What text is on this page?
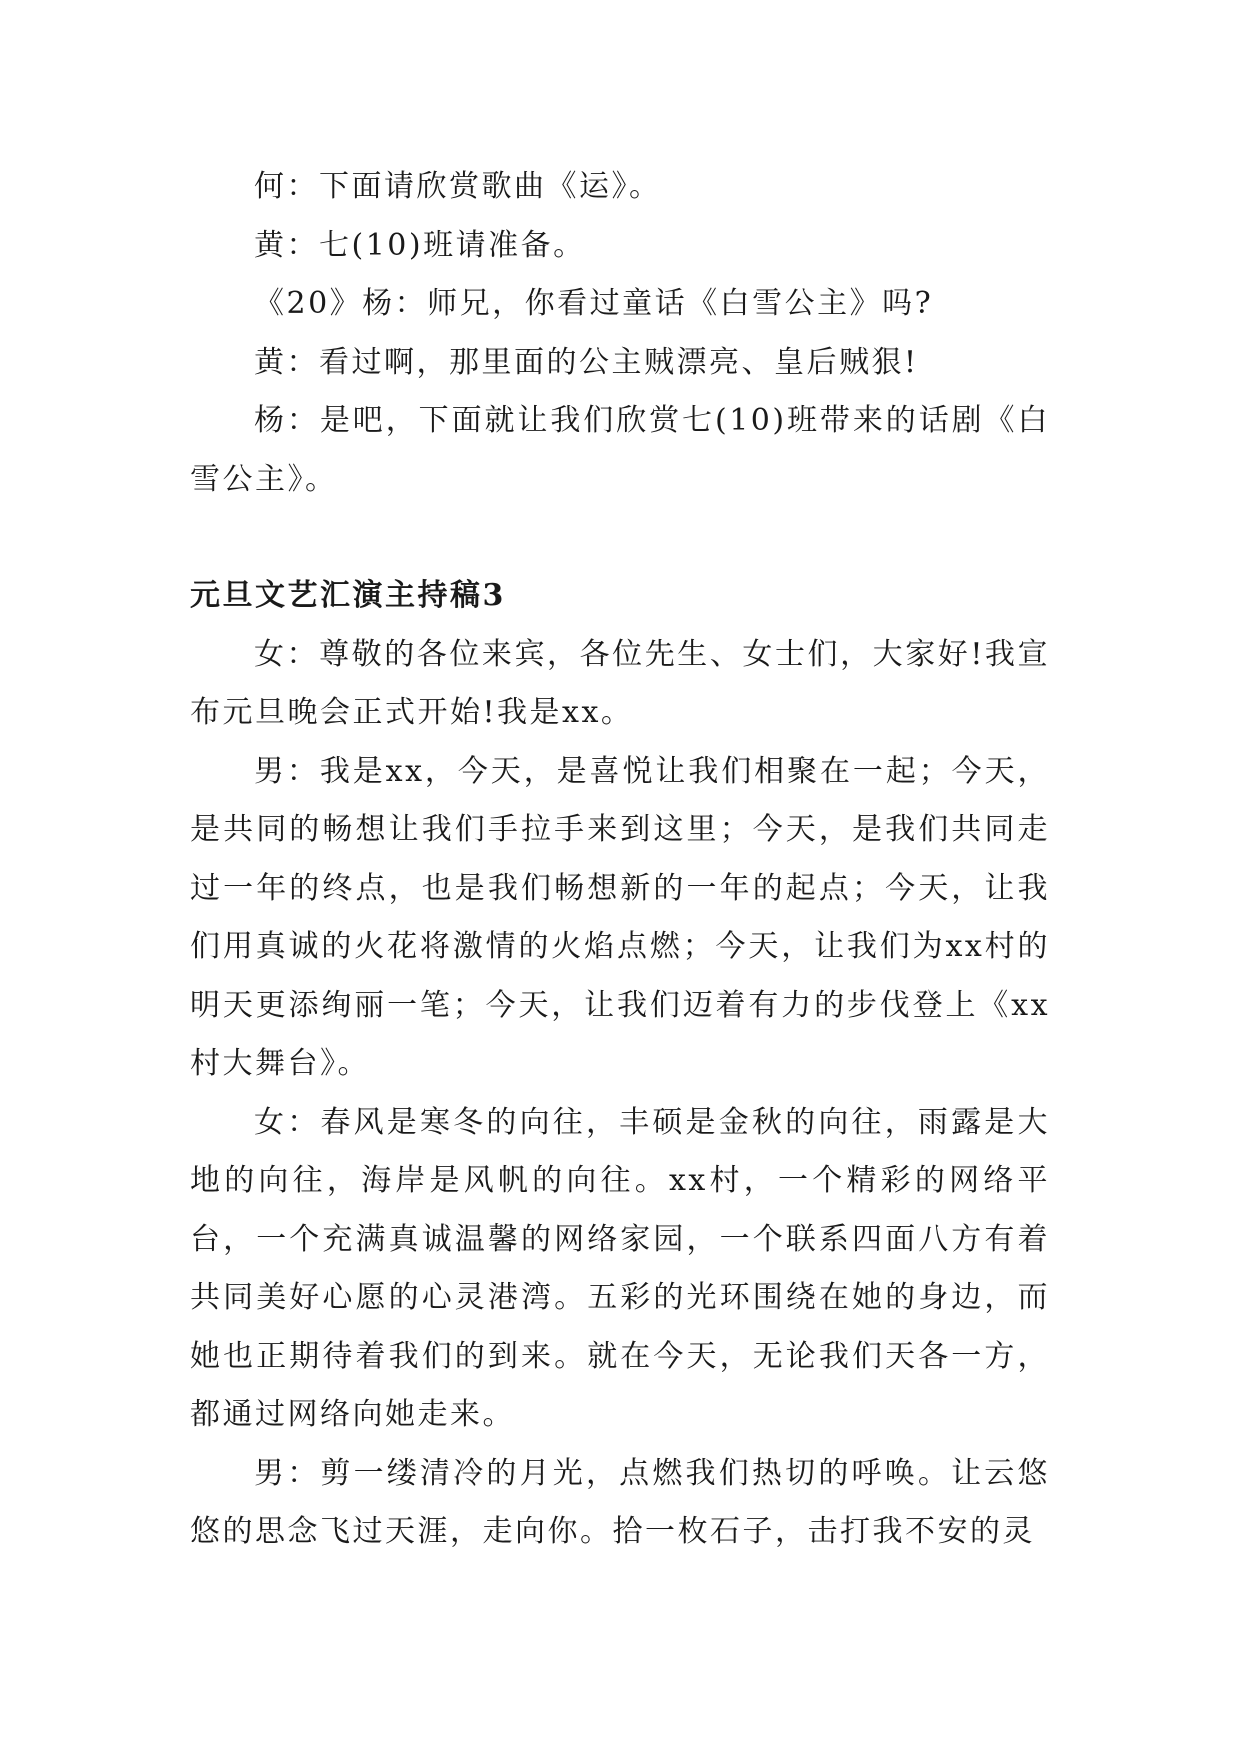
何：下面请欣赏歌曲《运》。

黄：七(10)班请准备。

《20》杨：师兄，你看过童话《白雪公主》吗?

黄：看过啊，那里面的公主贼漂亮、皇后贼狠!

杨：是吧，下面就让我们欣赏七(10)班带来的话剧《白雪公主》。

元旦文艺汇演主持稿3

女：尊敬的各位来宾，各位先生、女士们，大家好!我宣布元旦晚会正式开始!我是xx。

男：我是xx，今天，是喜悦让我们相聚在一起；今天，是共同的畅想让我们手拉手来到这里；今天，是我们共同走过一年的终点，也是我们畅想新的一年的起点；今天，让我们用真诚的火花将激情的火焰点燃；今天，让我们为xx村的明天更添绚丽一笔；今天，让我们迈着有力的步伐登上《xx村大舞台》。

女：春风是寒冬的向往，丰硕是金秋的向往，雨露是大地的向往，海岸是风帆的向往。xx村，一个精彩的网络平台，一个充满真诚温馨的网络家园，一个联系四面八方有着共同美好心愿的心灵港湾。五彩的光环围绕在她的身边，而她也正期待着我们的到来。就在今天，无论我们天各一方，都通过网络向她走来。

男：剪一缕清冷的月光，点燃我们热切的呼唤。让云悠悠的思念飞过天涯，走向你。拾一枚石子，击打我不安的灵
